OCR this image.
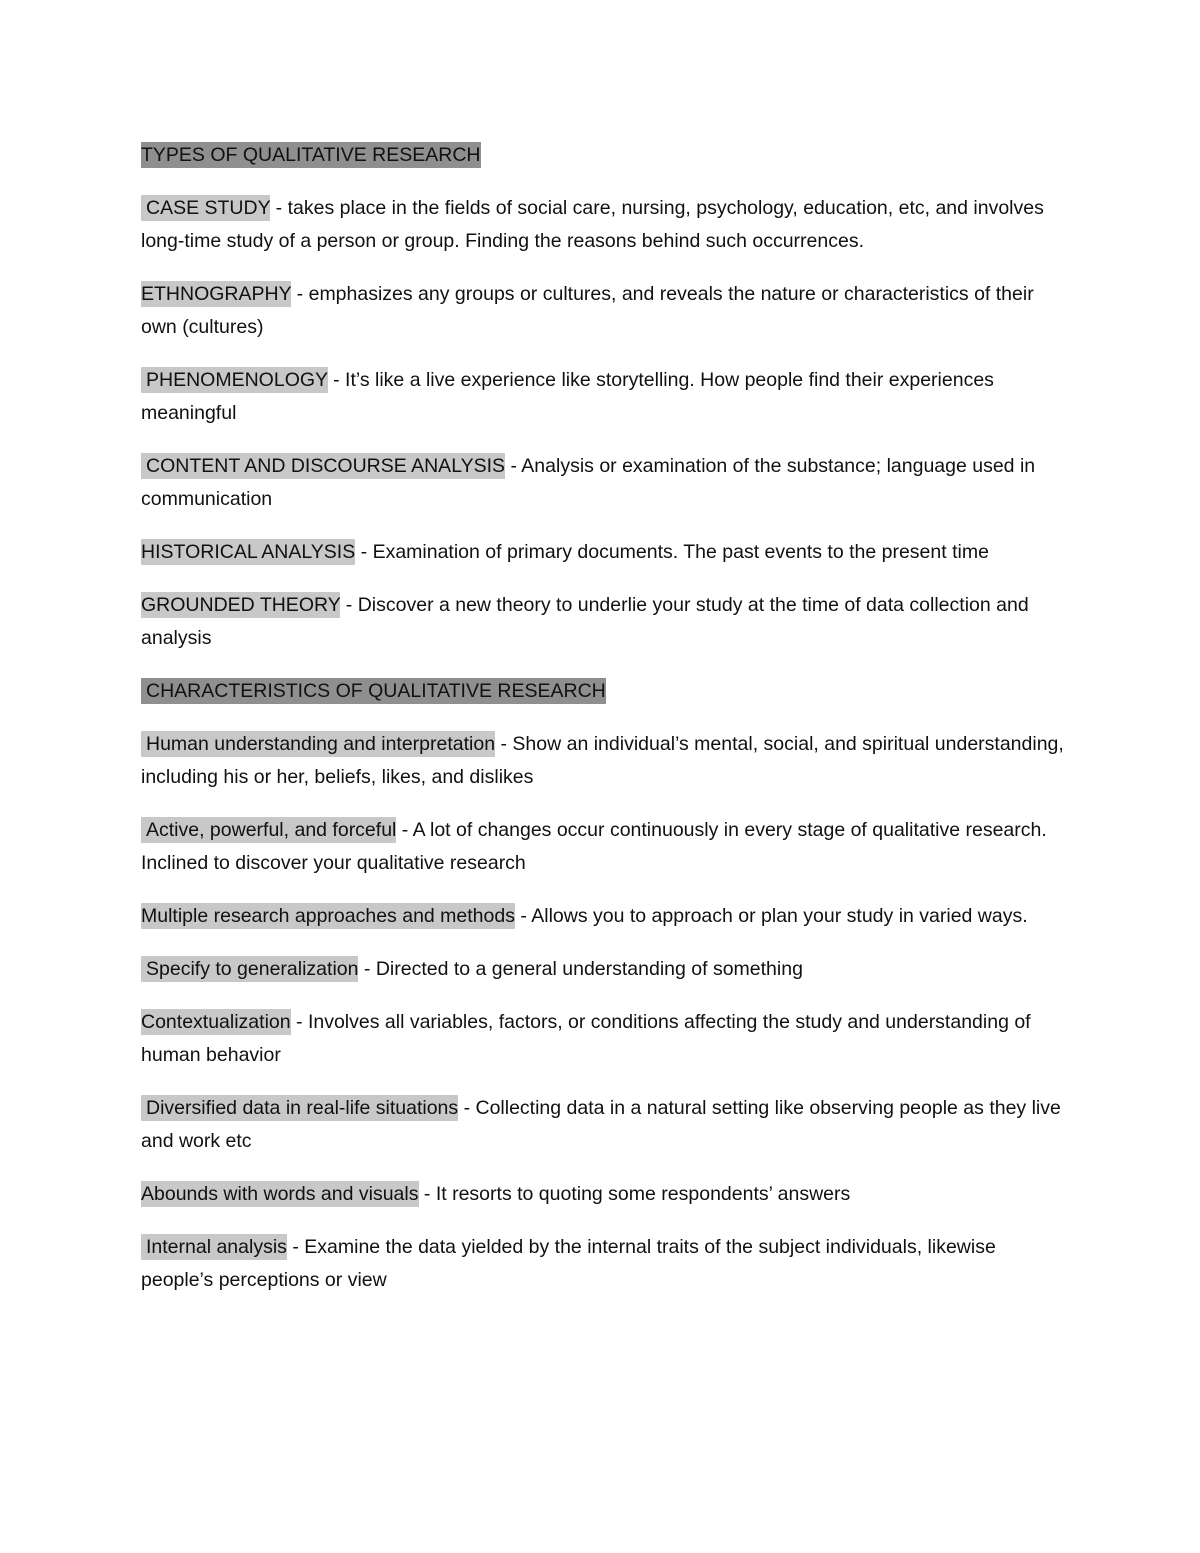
TYPES OF QUALITATIVE RESEARCH

CASE STUDY - takes place in the fields of social care, nursing, psychology, education, etc, and involves long-time study of a person or group. Finding the reasons behind such occurrences.

ETHNOGRAPHY - emphasizes any groups or cultures, and reveals the nature or characteristics of their own (cultures)

PHENOMENOLOGY - It’s like a live experience like storytelling. How people find their experiences meaningful

CONTENT AND DISCOURSE ANALYSIS - Analysis or examination of the substance; language used in communication

HISTORICAL ANALYSIS - Examination of primary documents. The past events to the present time

GROUNDED THEORY - Discover a new theory to underlie your study at the time of data collection and analysis

CHARACTERISTICS OF QUALITATIVE RESEARCH

Human understanding and interpretation - Show an individual’s mental, social, and spiritual understanding, including his or her, beliefs, likes, and dislikes

Active, powerful, and forceful - A lot of changes occur continuously in every stage of qualitative research. Inclined to discover your qualitative research

Multiple research approaches and methods - Allows you to approach or plan your study in varied ways.

Specify to generalization - Directed to a general understanding of something

Contextualization - Involves all variables, factors, or conditions affecting the study and understanding of human behavior

Diversified data in real-life situations - Collecting data in a natural setting like observing people as they live and work etc

Abounds with words and visuals - It resorts to quoting some respondents’ answers

Internal analysis - Examine the data yielded by the internal traits of the subject individuals, likewise people’s perceptions or view
